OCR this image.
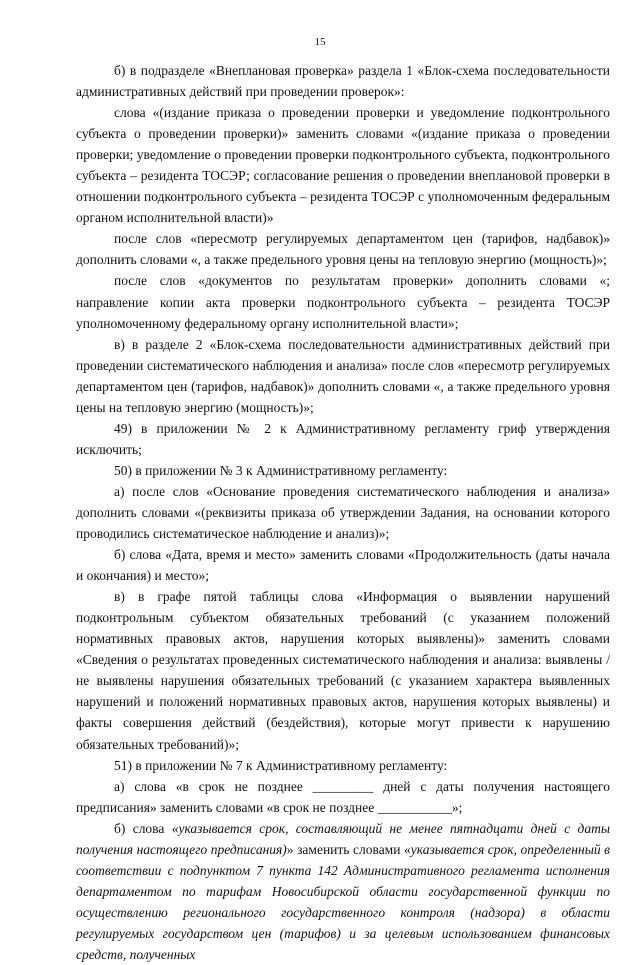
15

б) в подразделе «Внеплановая проверка» раздела 1 «Блок-схема последовательности административных действий при проведении проверок»:

слова «(издание приказа о проведении проверки и уведомление подконтрольного субъекта о проведении проверки)» заменить словами «(издание приказа о проведении проверки; уведомление о проведении проверки подконтрольного субъекта, подконтрольного субъекта – резидента ТОСЭР; согласование решения о проведении внеплановой проверки в отношении подконтрольного субъекта – резидента ТОСЭР с уполномоченным федеральным органом исполнительной власти)»

после слов «пересмотр регулируемых департаментом цен (тарифов, надбавок)» дополнить словами «, а также предельного уровня цены на тепловую энергию (мощность)»;

после слов «документов по результатам проверки» дополнить словами «; направление копии акта проверки подконтрольного субъекта – резидента ТОСЭР уполномоченному федеральному органу исполнительной власти»;

в) в разделе 2 «Блок-схема последовательности административных действий при проведении систематического наблюдения и анализа» после слов «пересмотр регулируемых департаментом цен (тарифов, надбавок)» дополнить словами «, а также предельного уровня цены на тепловую энергию (мощность)»;

49) в приложении № 2 к Административному регламенту гриф утверждения исключить;

50) в приложении № 3 к Административному регламенту:

а) после слов «Основание проведения систематического наблюдения и анализа» дополнить словами «(реквизиты приказа об утверждении Задания, на основании которого проводились систематическое наблюдение и анализ)»;

б) слова «Дата, время и место» заменить словами «Продолжительность (даты начала и окончания) и место»;

в) в графе пятой таблицы слова «Информация о выявлении нарушений подконтрольным субъектом обязательных требований (с указанием положений нормативных правовых актов, нарушения которых выявлены)» заменить словами «Сведения о результатах проведенных систематического наблюдения и анализа: выявлены / не выявлены нарушения обязательных требований (с указанием характера выявленных нарушений и положений нормативных правовых актов, нарушения которых выявлены) и факты совершения действий (бездействия), которые могут привести к нарушению обязательных требований)»;

51) в приложении № 7 к Административному регламенту:

а) слова «в срок не позднее _________ дней с даты получения настоящего предписания» заменить словами «в срок не позднее ___________»;

б) слова «указывается срок, составляющий не менее пятнадцати дней с даты получения настоящего предписания)» заменить словами «указывается срок, определенный в соответствии с подпунктом 7 пункта 142 Административного регламента исполнения департаментом по тарифам Новосибирской области государственной функции по осуществлению регионального государственного контроля (надзора) в области регулируемых государством цен (тарифов) и за целевым использованием финансовых средств, полученных
